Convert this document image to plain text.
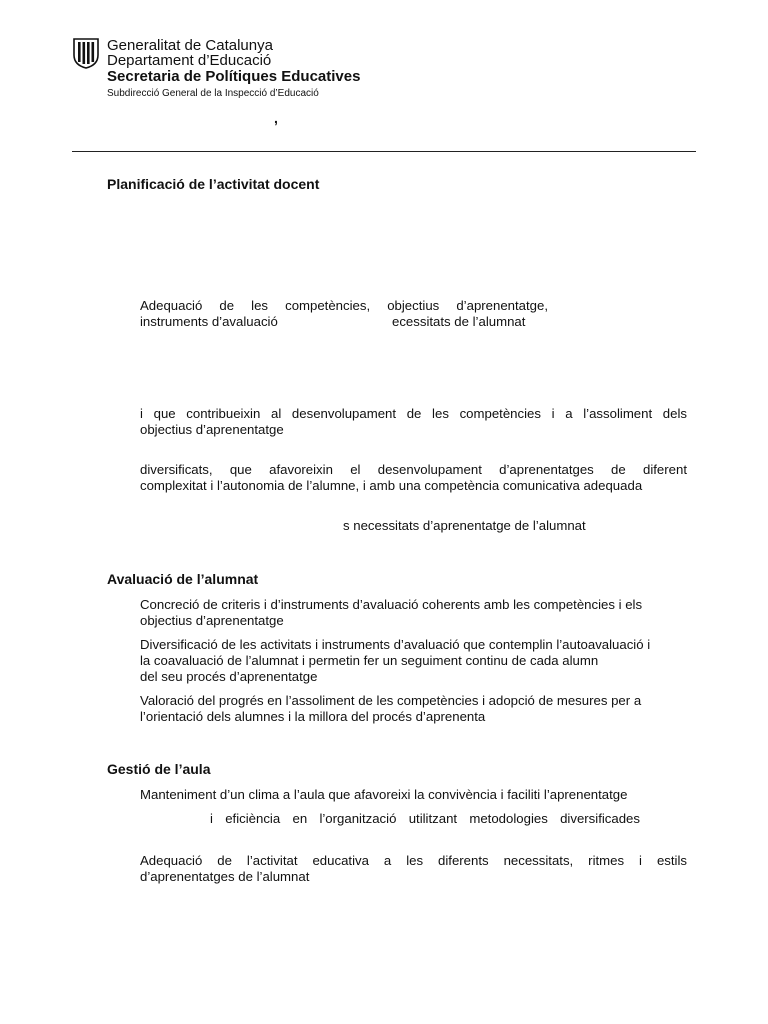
Generalitat de Catalunya
Departament d’Educació
Secretaria de Polítiques Educatives
Subdirecció General de la Inspecció d’Educació
,
Planificació de l’activitat docent
Adequació de les competències, objectius d’aprenentatge,
instruments d’avaluació	ecessitats de l’alumnat
i que contribueixin al desenvolupament de les competències i a l’assoliment dels
objectius d’aprenentatge
diversificats, que afavoreixin el desenvolupament d’aprenentatges de diferent
complexitat i l’autonomia de l’alumne, i amb una competència comunicativa adequada
s necessitats d’aprenentatge de l’alumnat
Avaluació de l’alumnat
Concreció de criteris i d’instruments d’avaluació coherents amb les competències i els
objectius d’aprenentatge
Diversificació de les activitats i instruments d’avaluació que contemplin l’autoavaluació i
la coavaluació de l’alumnat i permetin fer un seguiment continu de cada alumn
del seu procés d’aprenentatge
Valoració del progrés en l’assoliment de les competències i adopció de mesures per a
l’orientació dels alumnes i la millora del procés d’aprenenta
Gestió de l’aula
Manteniment d’un clima a l’aula que afavoreixi la convivència i faciliti l’aprenentatge
i eficiència en l’organització utilitzant metodologies diversificades
Adequació de l’activitat educativa a les diferents necessitats, ritmes i estils
d’aprenentatges de l’alumnat
